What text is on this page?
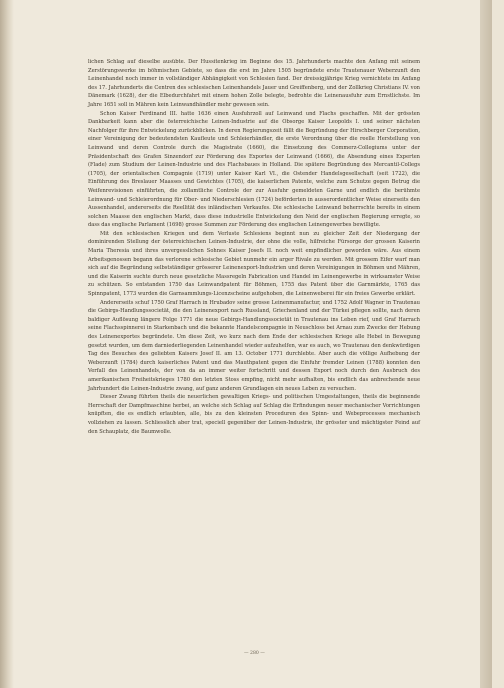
lichen Schlag auf dieselbe ausübte. Der Hussitenkrieg im Beginne des 15. Jahrhunderts machte den Anfang mit seinem Zerstörungswerke im böhmischen Gebiete, so dass die erst im Jahre 1505 begründete erste Trautenauer Weberzunft den Leinenhandel noch immer in vollständiger Abhängigkeit von Schlesien fand. Der dreissigjährige Krieg vernichtete im Anfang des 17. Jahrhunderts die Centren des schlesischen Leinenhandels Jauer und Greiffenberg, und der Zollkrieg Christians IV. von Dänemark (1628), der die Elbedurchfahrt mit einem hohen Zolle belegte, bedrohte die Leinenausfuhr zum Ernstlichste. Im Jahre 1651 soll in Mähren kein Leinwandhändler mehr gewesen sein.

Schon Kaiser Ferdinand III. hatte 1636 einen Ausfuhrzoll auf Leinwand und Flachs geschaffen. Mit der grössten Dankbarkeit kann aber die österreichische Leinen-Industrie auf die Obsorge Kaiser Leopolds I. und seiner nächsten Nachfolger für ihre Entwickelung zurückblicken. In deren Regierungszeit fällt die Begründung der Hirschberger Corporation, einer Vereinigung der bedeutendsten Kaufleute und Schleierhändler, die erste Verordnung über die reelle Herstellung von Leinwand und deren Controle durch die Magistrate (1660), die Einsetzung des Commerz-Collegiums unter der Präsidentschaft des Grafen Sinzendorf zur Förderung des Exportes der Leinwand (1666), die Absendung eines Experten (Flade) zum Studium der Leinen-Industrie und des Flachsbaues in Holland. Die spätere Begründung des Mercantil-Collegs (1705), der orientalischen Compagnie (1719) unter Kaiser Karl VI., die Ostender Handelsgesellschaft (seit 1722), die Einführung des Breslauer Maasses und Gewichtes (1705), die kaiserlichen Patente, welche zum Schutze gegen Betrug die Weifenrevisionen einführten, die zollamtliche Controle der zur Ausfuhr gemeldeten Garne und endlich die berühmte Leinwand- und Schleierordnung für Ober- und Niederschlesien (1724) beförderten in ausserordentlicher Weise einerseits den Aussenhandel, andererseits die Reellität des inländischen Verkaufes. Die schlesische Leinwand beherrschte bereits in einem solchen Maasse den englischen Markt, dass diese industrielle Entwickelung den Neid der englischen Regierung erregte, so dass das englische Parlament (1698) grosse Summen zur Förderung des englischen Leinengewerbes bewilligte.

Mit den schlesischen Kriegen und dem Verluste Schlesiens beginnt nun zu gleicher Zeit der Niedergang der dominirenden Stellung der österreichischen Leinen-Industrie, der ohne die volle, hilfreiche Fürsorge der grossen Kaiserin Maria Theresia und ihres unvergesslichen Sohnes Kaiser Josefs II. noch weit empfindlicher geworden wäre. Aus einem Arbeitsgenossen begann das verlorene schlesische Gebiet nunmehr ein arger Rivale zu werden. Mit grossem Eifer warf man sich auf die Begründung selbstständiger grösserer Leinenexport-Industrien und deren Vereinigungen in Böhmen und Mähren, und die Kaiserin suchte durch neue gesetzliche Massregeln Fabrication und Handel im Leinengewerbe in wirksamster Weise zu schützen. So entstanden 1750 das Leinwandpatent für Böhmen, 1755 das Patent über die Garnmärkte, 1765 das Spinnpatent, 1773 wurden die Garnsammlungs-Licenzscheine aufgehoben, die Leinenweberei für ein freies Gewerbe erklärt.

Andererseits schuf 1750 Graf Harrach in Hrubadov seine grosse Leinenmanufactur, und 1752 Adolf Wagner in Trautenau die Gebirgs-Handlungssocietät, die den Leinenexport nach Russland, Griechenland und der Türkei pflegen sollte, nach deren baldiger Auflösung längere Folge 1771 die neue Gebirgs-Handlungssocietät in Trautenau ins Leben rief, und Graf Harrach seine Flachsspinnerei in Starkenbach und die bekannte Handelscompagnie in Neuschloss bei Arnau zum Zwecke der Hebung des Leinenexportes begründete. Um diese Zeit, wo kurz nach dem Ende der schlesischen Kriege alle Hebel in Bewegung gesetzt wurden, um dem darniederliegenden Leinenhandel wieder aufzuhelfen, war es auch, wo Trautenau den denkwürdigen Tag des Besuches des geliebten Kaisers Josef II. am 13. October 1771 durchlebte. Aber auch die völlige Aufhebung der Weberzunft (1784) durch kaiserliches Patent und das Mauthpatent gegen die Einfuhr fremder Leinen (1788) konnten den Verfall des Leinenhandels, der von da an immer weiter fortschritt und dessen Export noch durch den Ausbruch des amerikanischen Freiheitskrieges 1780 den letzten Stoss empfing, nicht mehr aufhalten, bis endlich das anbrechende neue Jahrhundert die Leinen-Industrie zwang, auf ganz anderen Grundlagen ein neues Leben zu versuchen.

Dieser Zwang führten theils die neuerlichen gewaltigen Kriegs- und politischen Umgestaltungen, theils die beginnende Herrschaft der Dampfmaschine herbei, an welche sich Schlag auf Schlag die Erfindungen neuer mechanischer Vorrichtungen knüpften, die es endlich erlaubten, alle, bis zu den kleinsten Proceduren des Spinn- und Webeprocesses mechanisch vollziehen zu lassen. Schliesslich aber trat, speciell gegenüber der Leinen-Industrie, ihr grösster und mächtigster Feind auf den Schauplatz, die Baumwolle.

— 280 —
